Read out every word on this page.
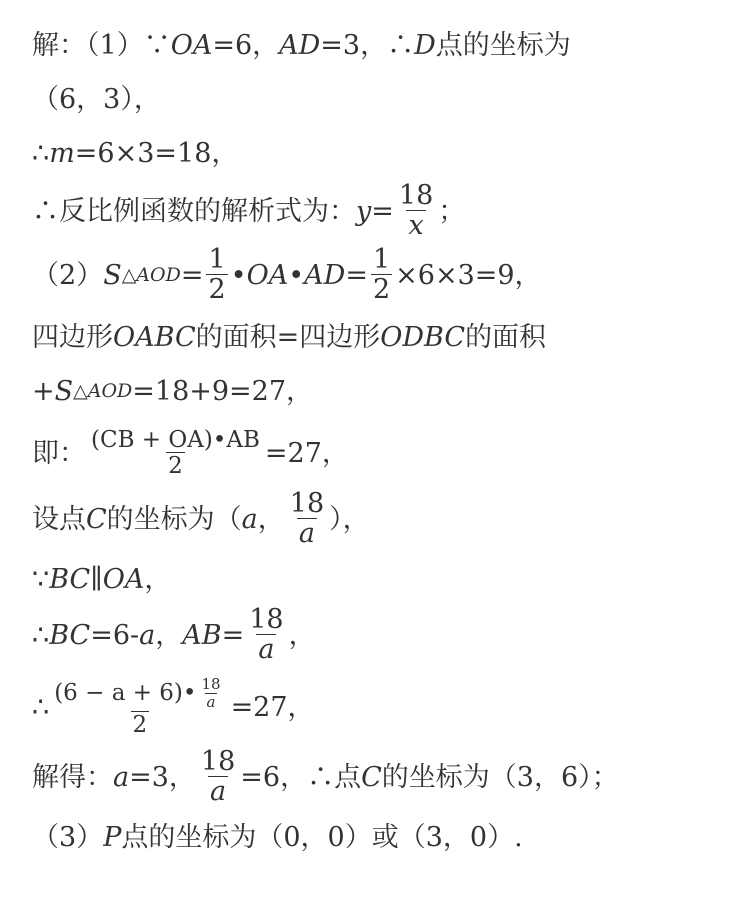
解：（1）∵ OA =6， AD =3，∴ D 点的坐标为
（6，3），
∴ m =6×3=18，
∴反比例函数的解析式为： $y = \frac{18}{x}$ ；
（2） S △AOD = $\frac{1}{2}$ • OA • AD = $\frac{1}{2} \times 6\times 3=9$，
四边形 OABC 的面积=四边形 ODBC 的面积
+ S △AOD =18+9=27，
即： $\frac{(CB + OA)•AB}{2} =27$，
设点 C 的坐标为（ a ， $\frac{18}{a}$ ），
∵ BC ∥ OA ，
∴ BC =6- a ， AB = $\frac{18}{a}$ ，
∴ $\frac{(6 - a + 6)• \frac{18}{a}}{2} =27$，
解得： a =3， $\frac{18}{a} =6$，∴点 C 的坐标为（3，6）；
（3） P 点的坐标为（0，0）或（3，0）.
